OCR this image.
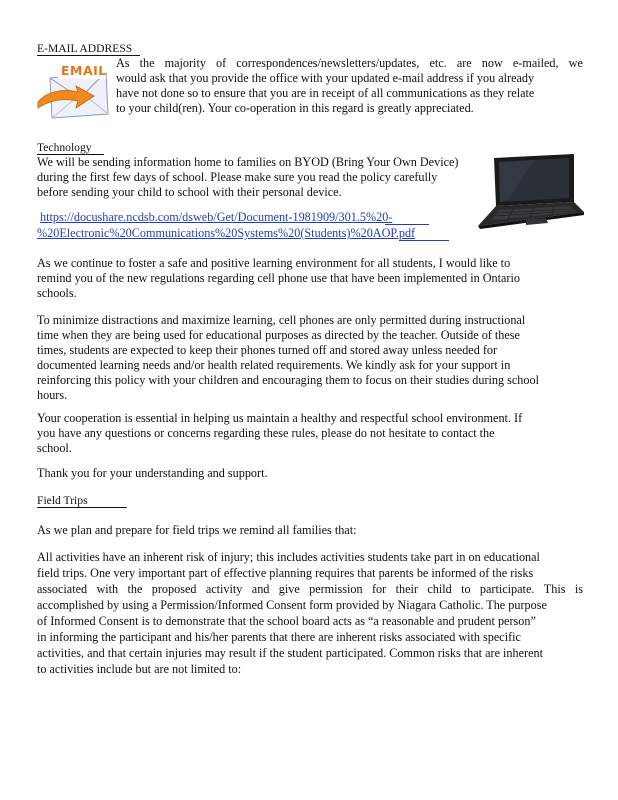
E-MAIL ADDRESS
EMAIL As the majority of correspondences/newsletters/updates, etc. are now e-mailed, we
would ask that you provide the office with your updated e-mail address if you already
have not done so to ensure that you are in receipt of all communications as they relate
to your child(ren). Your co-operation in this regard is greatly appreciated.
Technology
We will be sending information home to families on BYOD (Bring Your Own Device)
during the first few days of school. Please make sure you read the policy carefully
before sending your child to school with their personal device.
https://docushare.ncdsb.com/dsweb/Get/Document-1981909/301.5%20-
%20Electronic%20Communications%20Systems%20(Students)%20AOP.pdf
As we continue to foster a safe and positive learning environment for all students, I would like to
remind you of the new regulations regarding cell phone use that have been implemented in Ontario
schools.
To minimize distractions and maximize learning, cell phones are only permitted during instructional
time when they are being used for educational purposes as directed by the teacher. Outside of these
times, students are expected to keep their phones turned off and stored away unless needed for
documented learning needs and/or health related requirements. We kindly ask for your support in
reinforcing this policy with your children and encouraging them to focus on their studies during school
hours.
Your cooperation is essential in helping us maintain a healthy and respectful school environment. If
you have any questions or concerns regarding these rules, please do not hesitate to contact the
school.
Thank you for your understanding and support.
Field Trips
As we plan and prepare for field trips we remind all families that:
All activities have an inherent risk of injury; this includes activities students take part in on educational
field trips. One very important part of effective planning requires that parents be informed of the risks
associated with the proposed activity and give permission for their child to participate. This is
accomplished by using a Permission/Informed Consent form provided by Niagara Catholic. The purpose
of Informed Consent is to demonstrate that the school board acts as “a reasonable and prudent person”
in informing the participant and his/her parents that there are inherent risks associated with specific
activities, and that certain injuries may result if the student participated. Common risks that are inherent
to activities include but are not limited to:
